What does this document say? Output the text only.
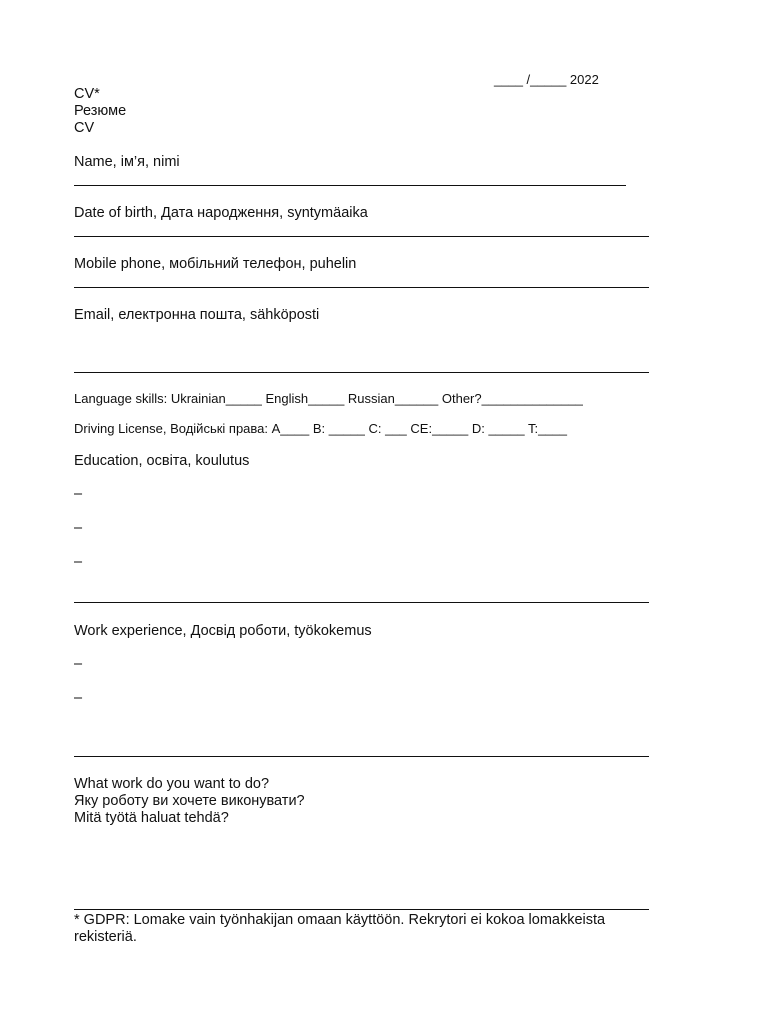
____ /_____ 2022
CV*
Резюме
CV
Name, ім’я, nimi
Date of birth, Дата народження, syntymäaika
Mobile phone, мобільний телефон, puhelin
Email, електронна пошта, sähköposti
Language skills: Ukrainian_____ English_____ Russian______ Other?______________
Driving License, Водійські права: A____ B: _____ C: ___ CE:_____ D: _____ T:____
Education, освіта, koulutus
–
–
–
Work experience, Досвід роботи, työkokemus
–
–
What work do you want to do?
Яку роботу ви хочете виконувати?
Mitä työtä haluat tehdä?
* GDPR: Lomake vain työnhakijan omaan käyttöön. Rekrytori ei kokoa lomakkeista rekisteriä.
